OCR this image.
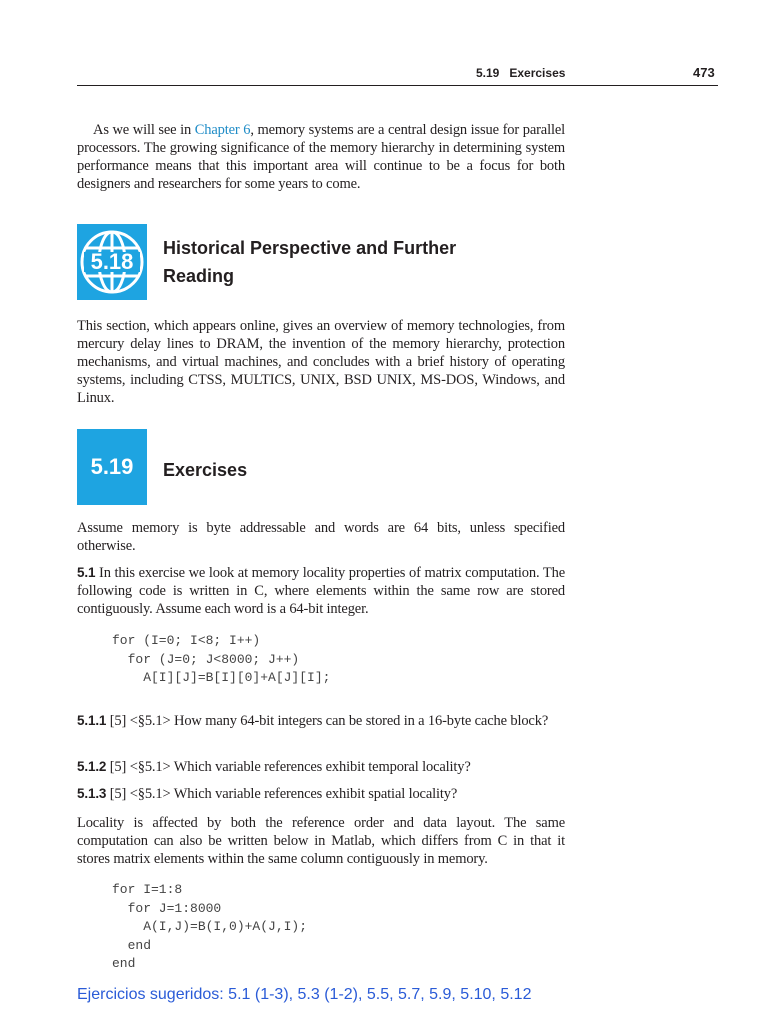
5.19 Exercises	473
As we will see in Chapter 6, memory systems are a central design issue for parallel processors. The growing significance of the memory hierarchy in determining system performance means that this important area will continue to be a focus for both designers and researchers for some years to come.
5.18
Historical Perspective and Further
Reading
This section, which appears online, gives an overview of memory technologies, from mercury delay lines to DRAM, the invention of the memory hierarchy, protection mechanisms, and virtual machines, and concludes with a brief history of operating systems, including CTSS, MULTICS, UNIX, BSD UNIX, MS-DOS, Windows, and Linux.
5.19	Exercises
Assume memory is byte addressable and words are 64 bits, unless specified otherwise.
5.1 In this exercise we look at memory locality properties of matrix computation. The following code is written in C, where elements within the same row are stored contiguously. Assume each word is a 64-bit integer.
for (I=0; I<8; I++)
for (J=0; J<8000; J++)
A[I][J]=B[I][0]+A[J][I];
5.1.1 [5] <§5.1> How many 64-bit integers can be stored in a 16-byte cache block?
5.1.2 [5] <§5.1> Which variable references exhibit temporal locality?
5.1.3 [5] <§5.1> Which variable references exhibit spatial locality?
Locality is affected by both the reference order and data layout. The same computation can also be written below in Matlab, which differs from C in that it stores matrix elements within the same column contiguously in memory.
for I=1:8
for J=1:8000
A(I,J)=B(I,0)+A(J,I);
end
end
Ejercicios sugeridos: 5.1 (1-3), 5.3 (1-2), 5.5, 5.7, 5.9, 5.10, 5.12
